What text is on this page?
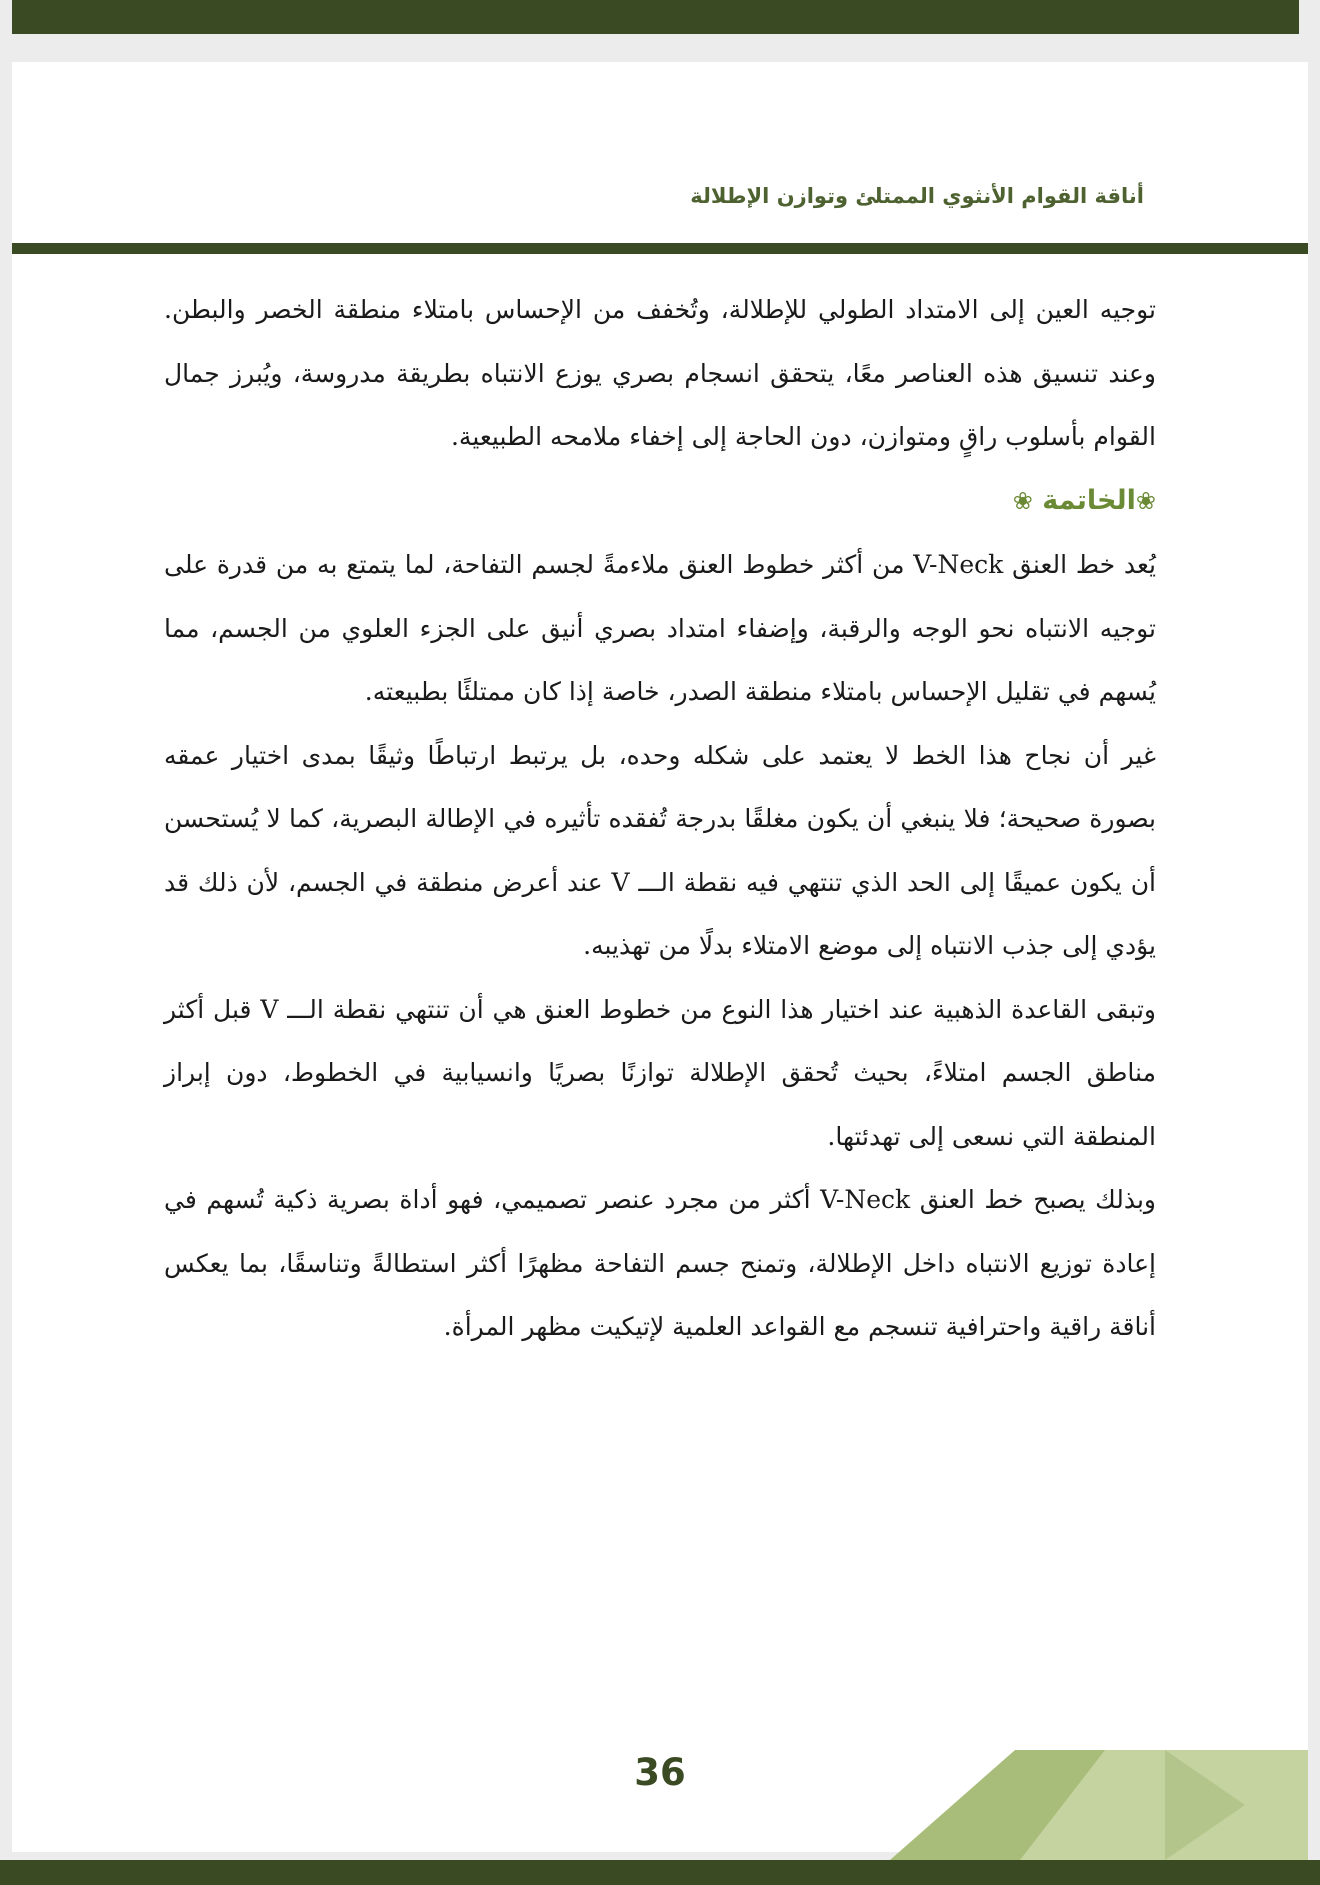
أناقة القوام الأنثوي الممتلئ وتوازن الإطلالة

توجيه العين إلى الامتداد الطولي للإطلالة، وتُخفف من الإحساس بامتلاء منطقة الخصر والبطن. وعند تنسيق هذه العناصر معًا، يتحقق انسجام بصري يوزع الانتباه بطريقة مدروسة، ويُبرز جمال القوام بأسلوب راقٍ ومتوازن، دون الحاجة إلى إخفاء ملامحه الطبيعية.

❀الخاتمة ❀

يُعد خط العنق V-Neck من أكثر خطوط العنق ملاءمةً لجسم التفاحة، لما يتمتع به من قدرة على توجيه الانتباه نحو الوجه والرقبة، وإضفاء امتداد بصري أنيق على الجزء العلوي من الجسم، مما يُسهم في تقليل الإحساس بامتلاء منطقة الصدر، خاصة إذا كان ممتلئًا بطبيعته.

غير أن نجاح هذا الخط لا يعتمد على شكله وحده، بل يرتبط ارتباطًا وثيقًا بمدى اختيار عمقه بصورة صحيحة؛ فلا ينبغي أن يكون مغلقًا بدرجة تُفقده تأثيره في الإطالة البصرية، كما لا يُستحسن أن يكون عميقًا إلى الحد الذي تنتهي فيه نقطة الـــ V عند أعرض منطقة في الجسم، لأن ذلك قد يؤدي إلى جذب الانتباه إلى موضع الامتلاء بدلًا من تهذيبه.

وتبقى القاعدة الذهبية عند اختيار هذا النوع من خطوط العنق هي أن تنتهي نقطة الـــ V قبل أكثر مناطق الجسم امتلاءً، بحيث تُحقق الإطلالة توازنًا بصريًا وانسيابية في الخطوط، دون إبراز المنطقة التي نسعى إلى تهدئتها.

وبذلك يصبح خط العنق V-Neck أكثر من مجرد عنصر تصميمي، فهو أداة بصرية ذكية تُسهم في إعادة توزيع الانتباه داخل الإطلالة، وتمنح جسم التفاحة مظهرًا أكثر استطالةً وتناسقًا، بما يعكس أناقة راقية واحترافية تنسجم مع القواعد العلمية لإتيكيت مظهر المرأة.

36
